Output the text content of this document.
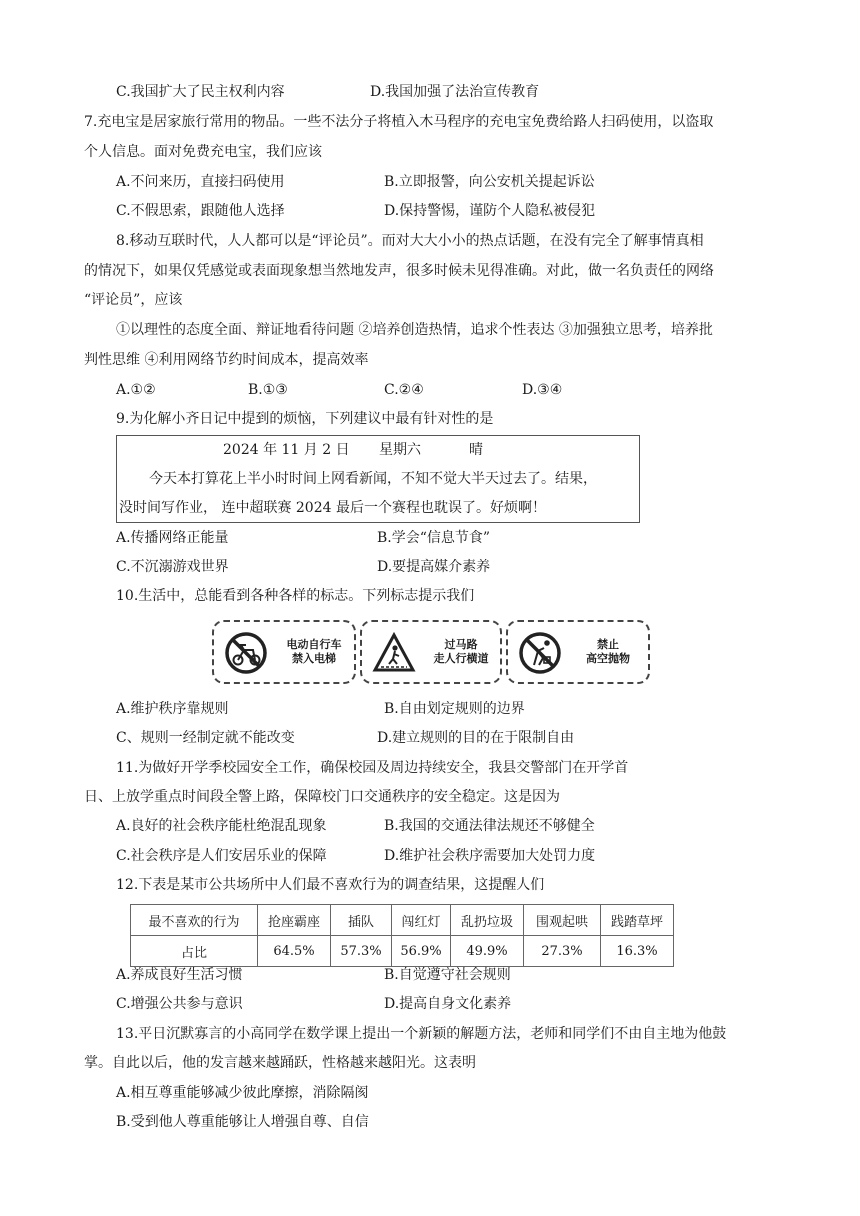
C.我国扩大了民主权利内容	D.我国加强了法治宣传教育
7.充电宝是居家旅行常用的物品。一些不法分子将植入木马程序的充电宝免费给路人扫码使用，以盗取
个人信息。面对免费充电宝，我们应该
A.不问来历，直接扫码使用	B.立即报警，向公安机关提起诉讼
C.不假思索，跟随他人选择	D.保持警惕，谨防个人隐私被侵犯
8.移动互联时代，人人都可以是“评论员”。而对大大小小的热点话题，在没有完全了解事情真相
的情况下，如果仅凭感觉或表面现象想当然地发声，很多时候未见得准确。对此，做一名负责任的网络
“评论员”，应该
①以理性的态度全面、辩证地看待问题 ②培养创造热情，追求个性表达 ③加强独立思考，培养批
判性思维 ④利用网络节约时间成本，提高效率
A.①②	B.①③	C.②④	D.③④
9.为化解小齐日记中提到的烦恼，下列建议中最有针对性的是
2024 年 11 月 2 日 星期六	晴
今天本打算花上半小时时间上网看新闻，不知不觉大半天过去了。结果，
没时间写作业， 连中超联赛 2024 最后一个赛程也耽误了。好烦啊！
A.传播网络正能量	B.学会“信息节食”
C.不沉溺游戏世界	D.要提高媒介素养
10.生活中，总能看到各种各样的标志。下列标志提示我们
电动自行车
禁入电梯
过马路
走人行横道
禁止
高空抛物
A.维护秩序靠规则	B.自由划定规则的边界
C、规则一经制定就不能改变	D.建立规则的目的在于限制自由
11.为做好开学季校园安全工作，确保校园及周边持续安全，我县交警部门在开学首
日、上放学重点时间段全警上路，保障校门口交通秩序的安全稳定。这是因为
A.良好的社会秩序能杜绝混乱现象	B.我国的交通法律法规还不够健全
C.社会秩序是人们安居乐业的保障	D.维护社会秩序需要加大处罚力度
12.下表是某市公共场所中人们最不喜欢行为的调查结果，这提醒人们
最不喜欢的行为	抢座霸座	插队	闯红灯	乱扔垃圾	围观起哄	践踏草坪
占比	64.5%	57.3%	56.9%	49.9%	27.3%	16.3%
A.养成良好生活习惯	B.自觉遵守社会规则
C.增强公共参与意识	D.提高自身文化素养
13.平日沉默寡言的小高同学在数学课上提出一个新颖的解题方法，老师和同学们不由自主地为他鼓
掌。自此以后，他的发言越来越踊跃，性格越来越阳光。这表明
A.相互尊重能够减少彼此摩擦，消除隔阂
B.受到他人尊重能够让人增强自尊、自信
